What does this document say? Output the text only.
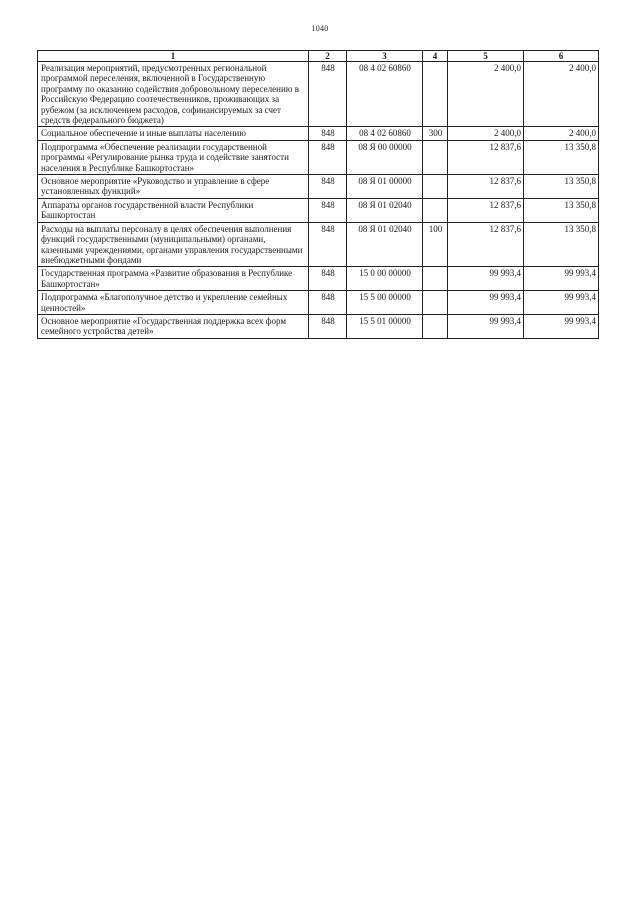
1040
1	2	3	4	5	6
Реализация мероприятий, предусмотренных региональной программой переселения, включенной в Государственную программу по оказанию содействия добровольному переселению в Российскую Федерацию соотечественников, проживающих за рубежом (за исключением расходов, софинансируемых за счет средств федерального бюджета)	848	08 4 02 60860		2 400,0	2 400,0
Социальное обеспечение и иные выплаты населению	848	08 4 02 60860	300	2 400,0	2 400,0
Подпрограмма «Обеспечение реализации государственной программы «Регулирование рынка труда и содействие занятости населения в Республике Башкортостан»	848	08 Я 00 00000		12 837,6	13 350,8
Основное мероприятие «Руководство и управление в сфере установленных функций»	848	08 Я 01 00000		12 837,6	13 350,8
Аппараты органов государственной власти Республики Башкортостан	848	08 Я 01 02040		12 837,6	13 350,8
Расходы на выплаты персоналу в целях обеспечения выполнения функций государственными (муниципальными) органами, казенными учреждениями, органами управления государственными внебюджетными фондами	848	08 Я 01 02040	100	12 837,6	13 350,8
Государственная программа «Развитие образования в Республике Башкортостан»	848	15 0 00 00000		99 993,4	99 993,4
Подпрограмма «Благополучное детство и укрепление семейных ценностей»	848	15 5 00 00000		99 993,4	99 993,4
Основное мероприятие «Государственная поддержка всех форм семейного устройства детей»	848	15 5 01 00000		99 993,4	99 993,4
